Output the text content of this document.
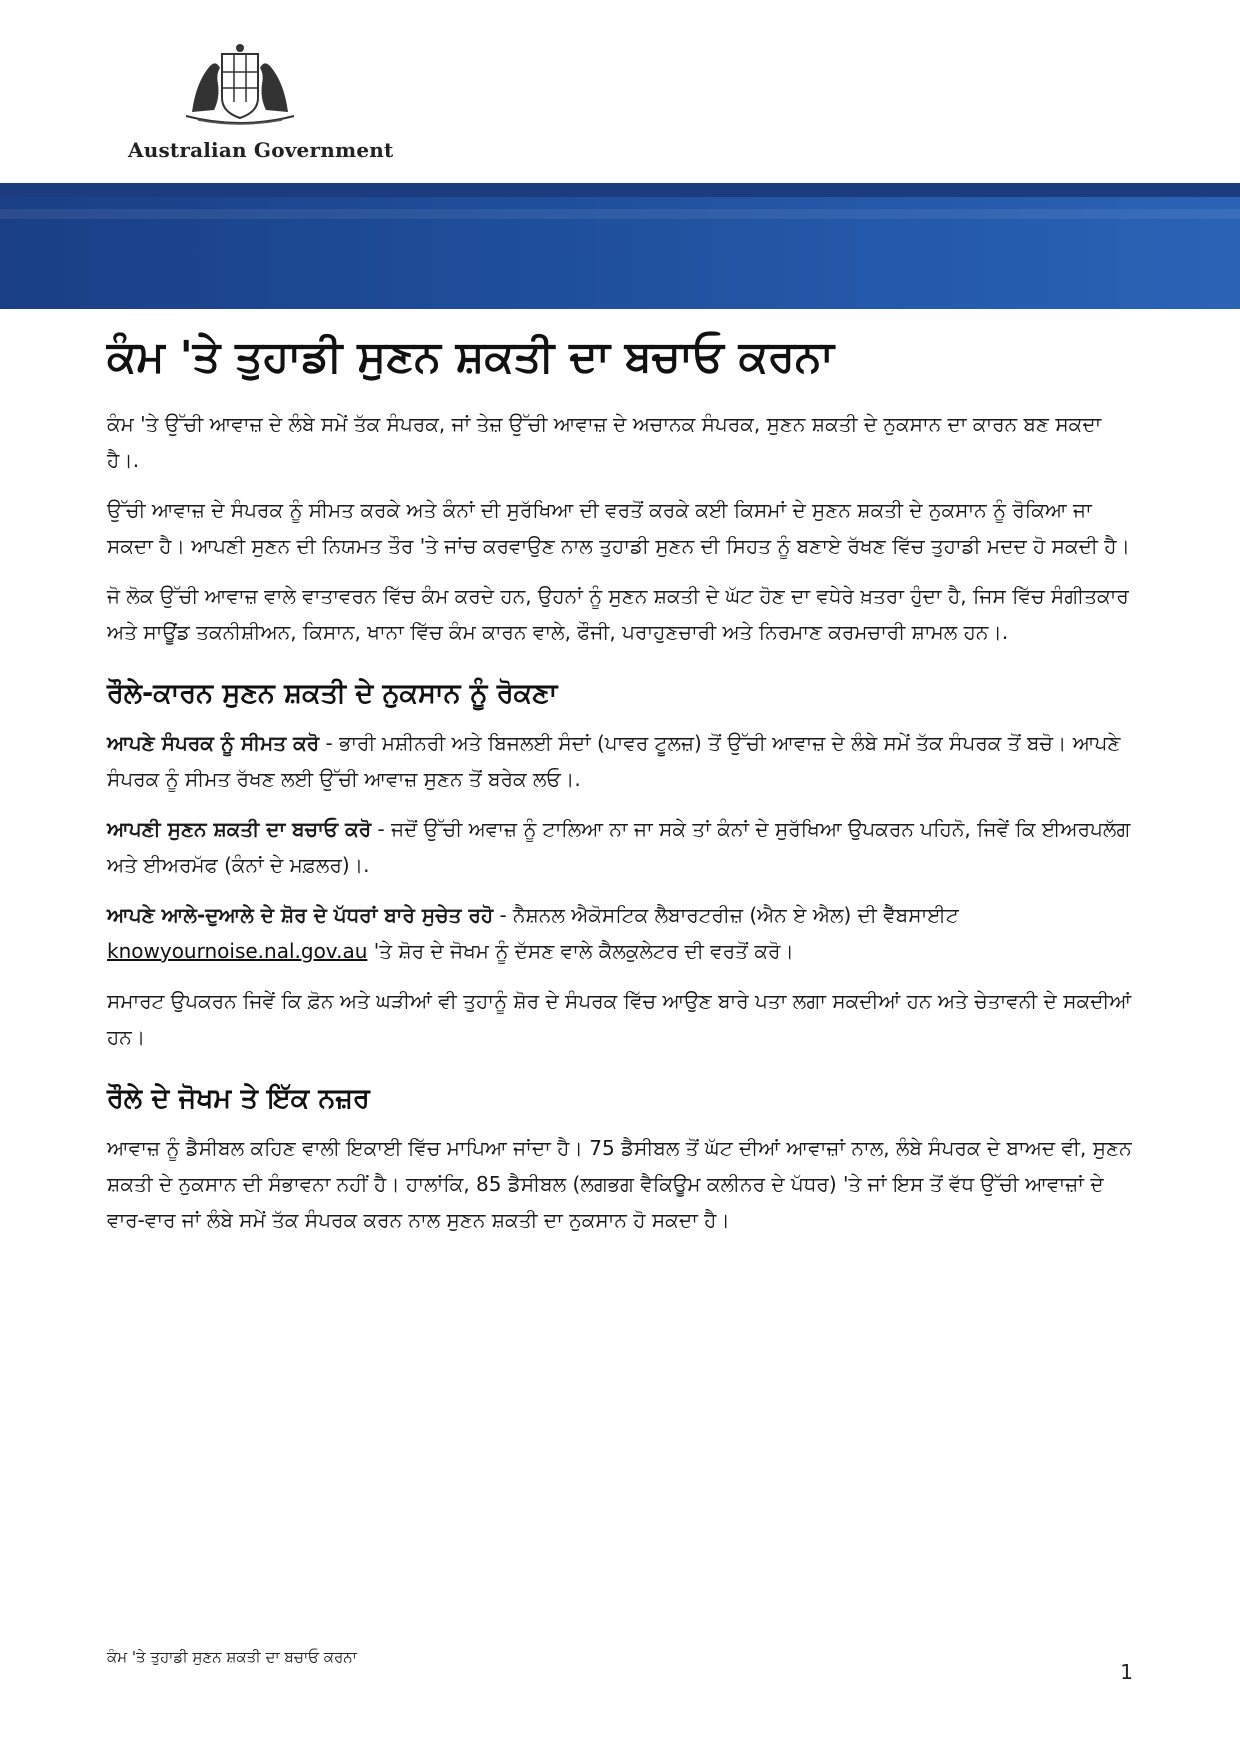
Australian Government
ਕੰਮ 'ਤੇ ਤੁਹਾਡੀ ਸੁਣਨ ਸ਼ਕਤੀ ਦਾ ਬਚਾਓ ਕਰਨਾ

ਕੰਮ 'ਤੇ ਉੱਚੀ ਆਵਾਜ਼ ਦੇ ਲੰਬੇ ਸਮੇਂ ਤੱਕ ਸੰਪਰਕ, ਜਾਂ ਤੇਜ਼ ਉੱਚੀ ਆਵਾਜ਼ ਦੇ ਅਚਾਨਕ ਸੰਪਰਕ, ਸੁਣਨ ਸ਼ਕਤੀ ਦੇ ਨੁਕਸਾਨ ਦਾ ਕਾਰਨ ਬਣ ਸਕਦਾ ਹੈ।.

ਉੱਚੀ ਆਵਾਜ਼ ਦੇ ਸੰਪਰਕ ਨੂੰ ਸੀਮਤ ਕਰਕੇ ਅਤੇ ਕੰਨਾਂ ਦੀ ਸੁਰੱਖਿਆ ਦੀ ਵਰਤੋਂ ਕਰਕੇ ਕਈ ਕਿਸਮਾਂ ਦੇ ਸੁਣਨ ਸ਼ਕਤੀ ਦੇ ਨੁਕਸਾਨ ਨੂੰ ਰੋਕਿਆ ਜਾ ਸਕਦਾ ਹੈ। ਆਪਣੀ ਸੁਣਨ ਦੀ ਨਿਯਮਤ ਤੌਰ 'ਤੇ ਜਾਂਚ ਕਰਵਾਉਣ ਨਾਲ ਤੁਹਾਡੀ ਸੁਣਨ ਦੀ ਸਿਹਤ ਨੂੰ ਬਣਾਏ ਰੱਖਣ ਵਿੱਚ ਤੁਹਾਡੀ ਮਦਦ ਹੋ ਸਕਦੀ ਹੈ।

ਜੋ ਲੋਕ ਉੱਚੀ ਆਵਾਜ਼ ਵਾਲੇ ਵਾਤਾਵਰਨ ਵਿੱਚ ਕੰਮ ਕਰਦੇ ਹਨ, ਉਹਨਾਂ ਨੂੰ ਸੁਣਨ ਸ਼ਕਤੀ ਦੇ ਘੱਟ ਹੋਣ ਦਾ ਵਧੇਰੇ ਖ਼ਤਰਾ ਹੁੰਦਾ ਹੈ, ਜਿਸ ਵਿੱਚ ਸੰਗੀਤਕਾਰ ਅਤੇ ਸਾਊਂਡ ਤਕਨੀਸ਼ੀਅਨ, ਕਿਸਾਨ, ਖਾਨਾ ਵਿੱਚ ਕੰਮ ਕਾਰਨ ਵਾਲੇ, ਫੌਜੀ, ਪਰਾਹੁਣਚਾਰੀ ਅਤੇ ਨਿਰਮਾਣ ਕਰਮਚਾਰੀ ਸ਼ਾਮਲ ਹਨ।.

ਰੌਲੇ-ਕਾਰਨ ਸੁਣਨ ਸ਼ਕਤੀ ਦੇ ਨੁਕਸਾਨ ਨੂੰ ਰੋਕਣਾ

ਆਪਣੇ ਸੰਪਰਕ ਨੂੰ ਸੀਮਤ ਕਰੋ - ਭਾਰੀ ਮਸ਼ੀਨਰੀ ਅਤੇ ਬਿਜਲਈ ਸੰਦਾਂ (ਪਾਵਰ ਟੂਲਜ਼) ਤੋਂ ਉੱਚੀ ਆਵਾਜ਼ ਦੇ ਲੰਬੇ ਸਮੇਂ ਤੱਕ ਸੰਪਰਕ ਤੋਂ ਬਚੋ। ਆਪਣੇ ਸੰਪਰਕ ਨੂੰ ਸੀਮਤ ਰੱਖਣ ਲਈ ਉੱਚੀ ਆਵਾਜ਼ ਸੁਣਨ ਤੋਂ ਬਰੇਕ ਲਓ।.

ਆਪਣੀ ਸੁਣਨ ਸ਼ਕਤੀ ਦਾ ਬਚਾਓ ਕਰੋ - ਜਦੋਂ ਉੱਚੀ ਅਵਾਜ਼ ਨੂੰ ਟਾਲਿਆ ਨਾ ਜਾ ਸਕੇ ਤਾਂ ਕੰਨਾਂ ਦੇ ਸੁਰੱਖਿਆ ਉਪਕਰਨ ਪਹਿਨੋ, ਜਿਵੇਂ ਕਿ ਈਅਰਪਲੱਗ ਅਤੇ ਈਅਰਮੱਫ (ਕੰਨਾਂ ਦੇ ਮਫ਼ਲਰ)।.

ਆਪਣੇ ਆਲੇ-ਦੁਆਲੇ ਦੇ ਸ਼ੋਰ ਦੇ ਪੱਧਰਾਂ ਬਾਰੇ ਸੁਚੇਤ ਰਹੋ - ਨੈਸ਼ਨਲ ਐਕੋਸਟਿਕ ਲੈਬਾਰਟਰੀਜ਼ (ਐਨ ਏ ਐਲ) ਦੀ ਵੈੱਬਸਾਈਟ knowyournoise.nal.gov.au 'ਤੇ ਸ਼ੋਰ ਦੇ ਜੋਖਮ ਨੂੰ ਦੱਸਣ ਵਾਲੇ ਕੈਲਕੁਲੇਟਰ ਦੀ ਵਰਤੋਂ ਕਰੋ।

ਸਮਾਰਟ ਉਪਕਰਨ ਜਿਵੇਂ ਕਿ ਫ਼ੋਨ ਅਤੇ ਘੜੀਆਂ ਵੀ ਤੁਹਾਨੂੰ ਸ਼ੋਰ ਦੇ ਸੰਪਰਕ ਵਿੱਚ ਆਉਣ ਬਾਰੇ ਪਤਾ ਲਗਾ ਸਕਦੀਆਂ ਹਨ ਅਤੇ ਚੇਤਾਵਨੀ ਦੇ ਸਕਦੀਆਂ ਹਨ।

ਰੌਲੇ ਦੇ ਜੋਖਮ ਤੇ ਇੱਕ ਨਜ਼ਰ

ਆਵਾਜ਼ ਨੂੰ ਡੈਸੀਬਲ ਕਹਿਣ ਵਾਲੀ ਇਕਾਈ ਵਿੱਚ ਮਾਪਿਆ ਜਾਂਦਾ ਹੈ। 75 ਡੈਸੀਬਲ ਤੋਂ ਘੱਟ ਦੀਆਂ ਆਵਾਜ਼ਾਂ ਨਾਲ, ਲੰਬੇ ਸੰਪਰਕ ਦੇ ਬਾਅਦ ਵੀ, ਸੁਣਨ ਸ਼ਕਤੀ ਦੇ ਨੁਕਸਾਨ ਦੀ ਸੰਭਾਵਨਾ ਨਹੀਂ ਹੈ। ਹਾਲਾਂਕਿ, 85 ਡੈਸੀਬਲ (ਲਗਭਗ ਵੈਕਿਊਮ ਕਲੀਨਰ ਦੇ ਪੱਧਰ) 'ਤੇ ਜਾਂ ਇਸ ਤੋਂ ਵੱਧ ਉੱਚੀ ਆਵਾਜ਼ਾਂ ਦੇ ਵਾਰ-ਵਾਰ ਜਾਂ ਲੰਬੇ ਸਮੇਂ ਤੱਕ ਸੰਪਰਕ ਕਰਨ ਨਾਲ ਸੁਣਨ ਸ਼ਕਤੀ ਦਾ ਨੁਕਸਾਨ ਹੋ ਸਕਦਾ ਹੈ।

ਕੰਮ 'ਤੇ ਤੁਹਾਡੀ ਸੁਣਨ ਸ਼ਕਤੀ ਦਾ ਬਚਾਓ ਕਰਨਾ
1
